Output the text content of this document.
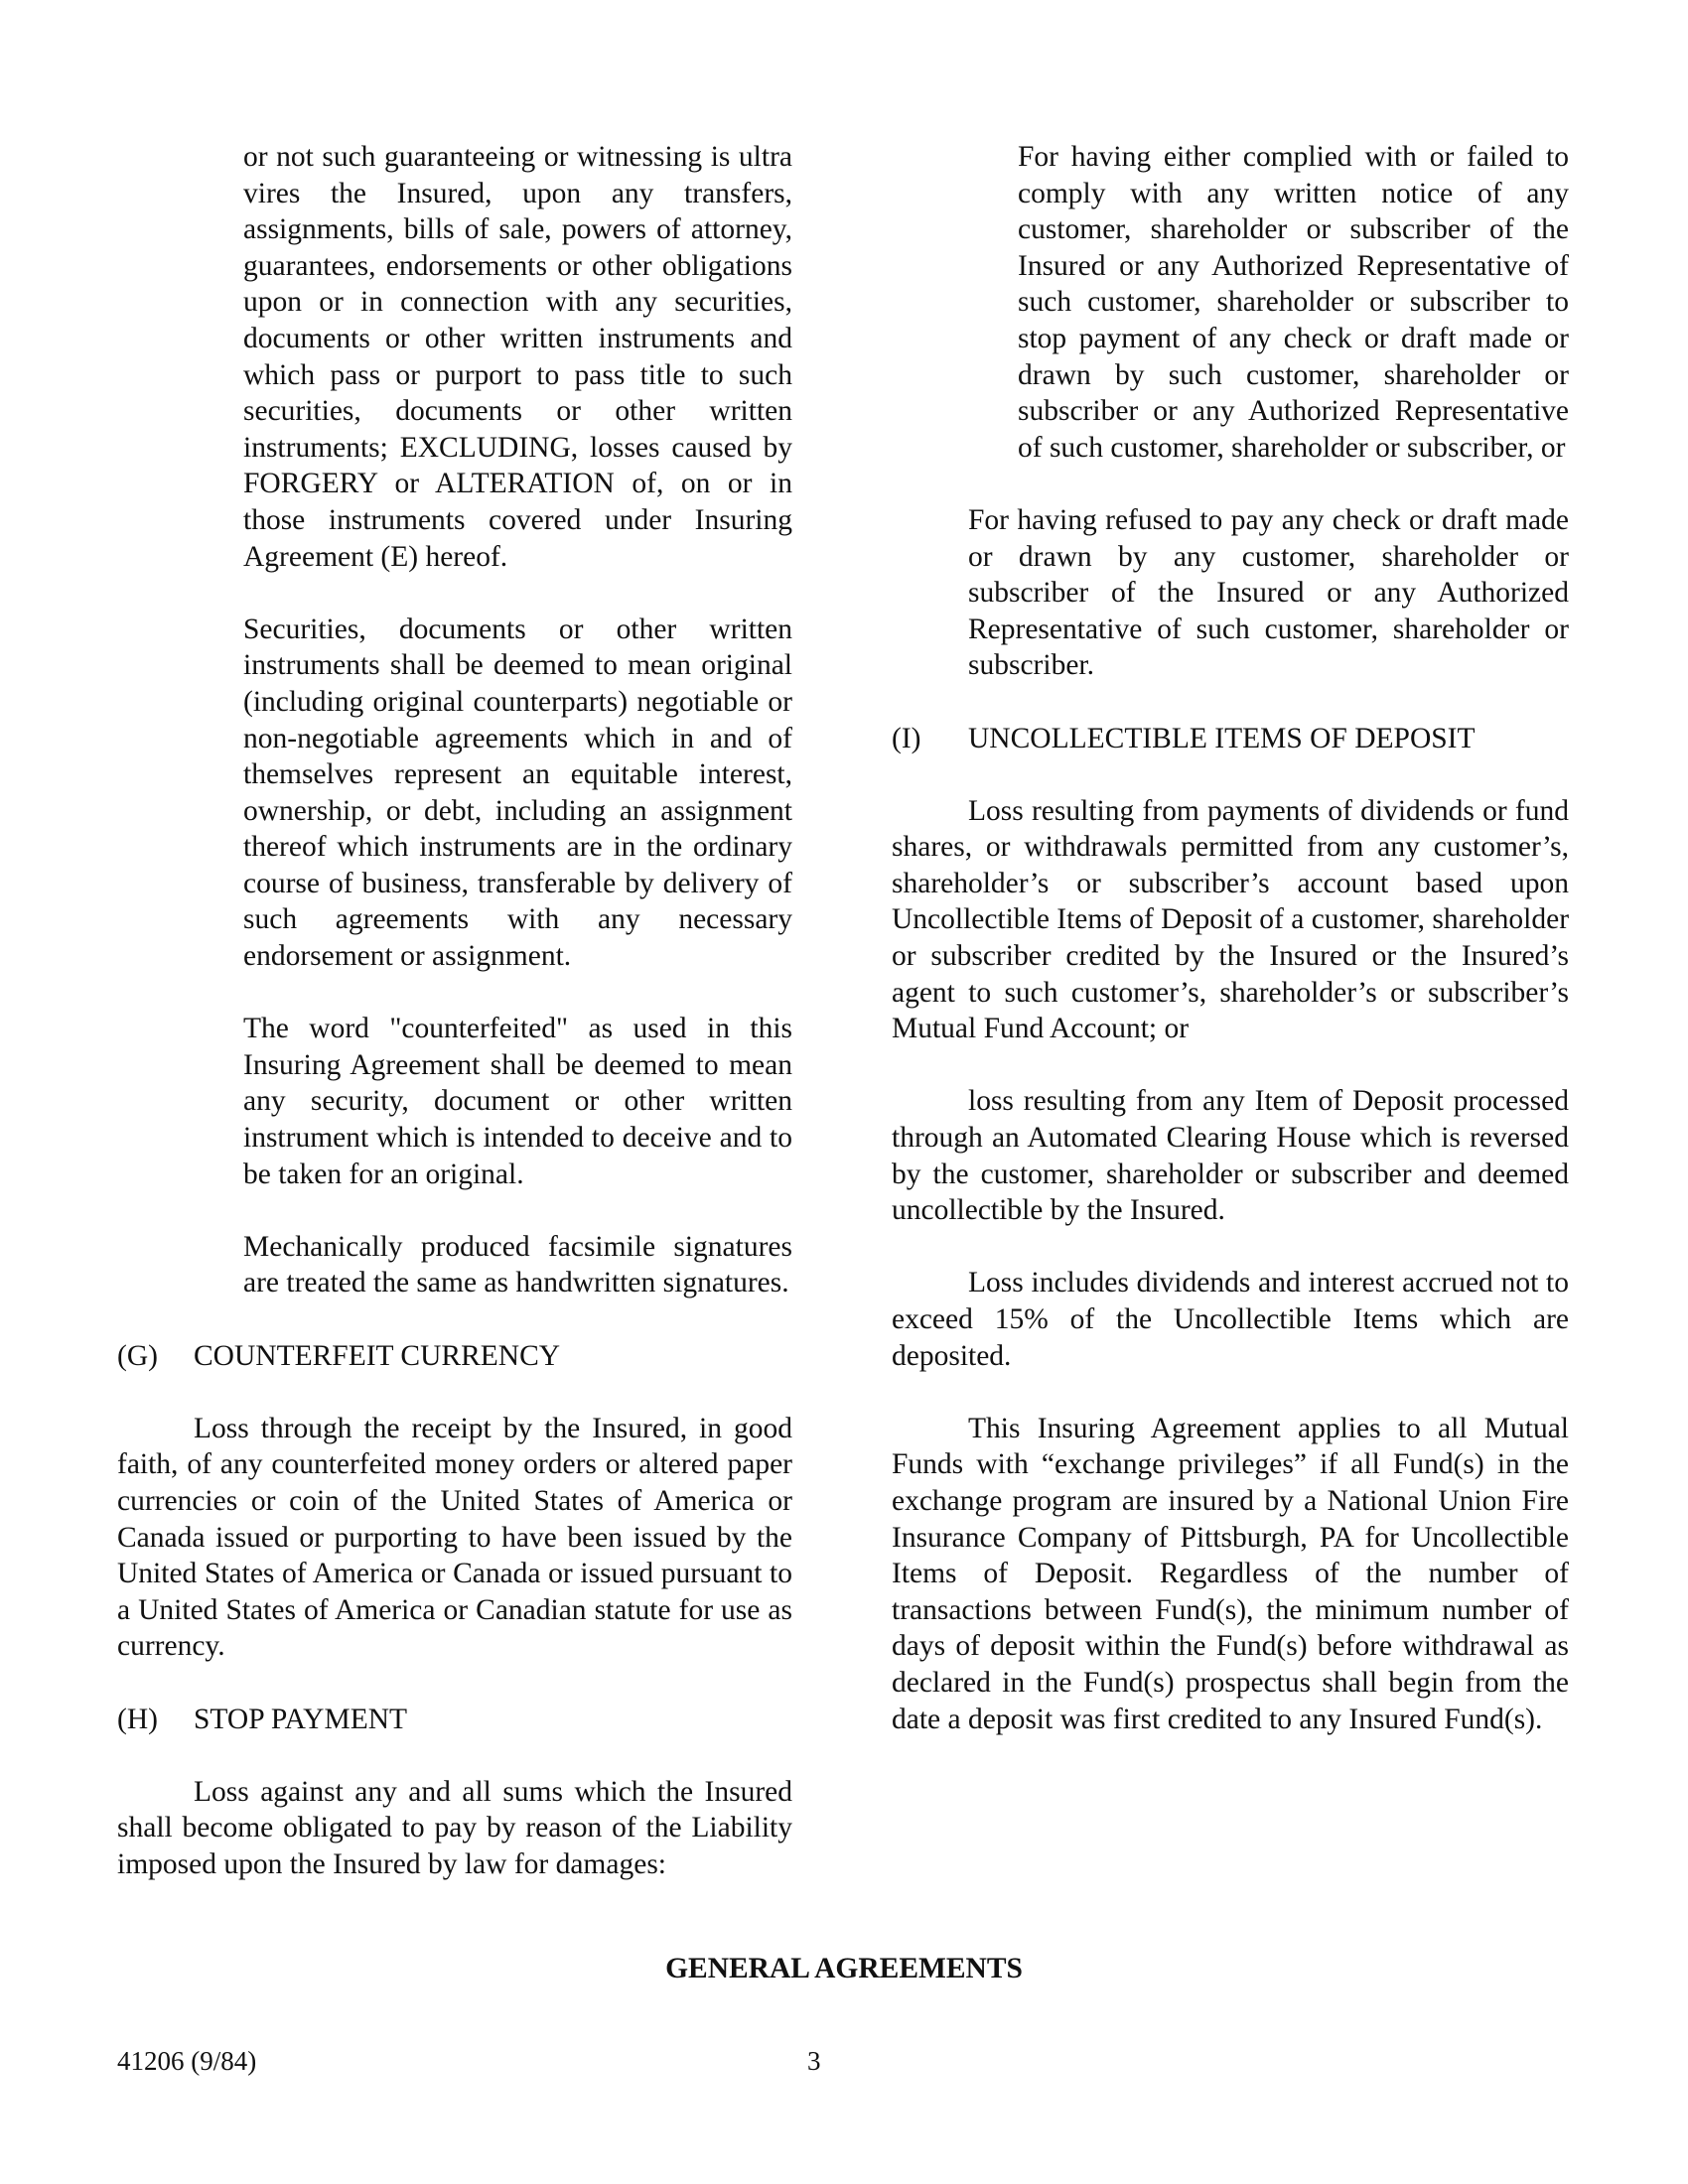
or not such guaranteeing or witnessing is ultra vires the Insured, upon any transfers, assignments, bills of sale, powers of attorney, guarantees, endorsements or other obligations upon or in connection with any securities, documents or other written instruments and which pass or purport to pass title to such securities, documents or other written instruments; EXCLUDING, losses caused by FORGERY or ALTERATION of, on or in those instruments covered under Insuring Agreement (E) hereof.

Securities, documents or other written instruments shall be deemed to mean original (including original counterparts) negotiable or non-negotiable agreements which in and of themselves represent an equitable interest, ownership, or debt, including an assignment thereof which instruments are in the ordinary course of business, transferable by delivery of such agreements with any necessary endorsement or assignment.

The word "counterfeited" as used in this Insuring Agreement shall be deemed to mean any security, document or other written instrument which is intended to deceive and to be taken for an original.

Mechanically produced facsimile signatures are treated the same as handwritten signatures.

(G)	COUNTERFEIT CURRENCY

Loss through the receipt by the Insured, in good faith, of any counterfeited money orders or altered paper currencies or coin of the United States of America or Canada issued or purporting to have been issued by the United States of America or Canada or issued pursuant to a United States of America or Canadian statute for use as currency.

(H)	STOP PAYMENT

Loss against any and all sums which the Insured shall become obligated to pay by reason of the Liability imposed upon the Insured by law for damages:

For having either complied with or failed to comply with any written notice of any customer, shareholder or subscriber of the Insured or any Authorized Representative of such customer, shareholder or subscriber to stop payment of any check or draft made or drawn by such customer, shareholder or subscriber or any Authorized Representative of such customer, shareholder or subscriber, or

For having refused to pay any check or draft made or drawn by any customer, shareholder or subscriber of the Insured or any Authorized Representative of such customer, shareholder or subscriber.

(I)	UNCOLLECTIBLE ITEMS OF DEPOSIT

Loss resulting from payments of dividends or fund shares, or withdrawals permitted from any customer’s, shareholder’s or subscriber’s account based upon Uncollectible Items of Deposit of a customer, shareholder or subscriber credited by the Insured or the Insured’s agent to such customer’s, shareholder’s or subscriber’s Mutual Fund Account; or

loss resulting from any Item of Deposit processed through an Automated Clearing House which is reversed by the customer, shareholder or subscriber and deemed uncollectible by the Insured.

Loss includes dividends and interest accrued not to exceed 15% of the Uncollectible Items which are deposited.

This Insuring Agreement applies to all Mutual Funds with “exchange privileges” if all Fund(s) in the exchange program are insured by a National Union Fire Insurance Company of Pittsburgh, PA for Uncollectible Items of Deposit. Regardless of the number of transactions between Fund(s), the minimum number of days of deposit within the Fund(s) before withdrawal as declared in the Fund(s) prospectus shall begin from the date a deposit was first credited to any Insured Fund(s).

GENERAL AGREEMENTS
41206 (9/84)	3
